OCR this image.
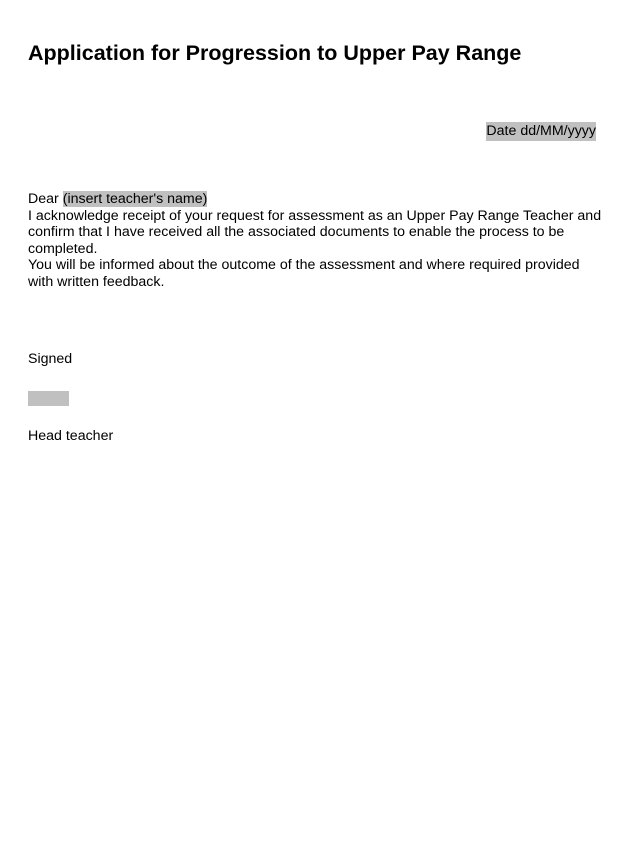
Application for Progression to Upper Pay Range
Date dd/MM/yyyy

Dear (insert teacher's name)

I acknowledge receipt of your request for assessment as an Upper Pay Range Teacher and confirm that I have received all the associated documents to enable the process to be completed.

You will be informed about the outcome of the assessment and where required provided with written feedback.

Signed
Head teacher
